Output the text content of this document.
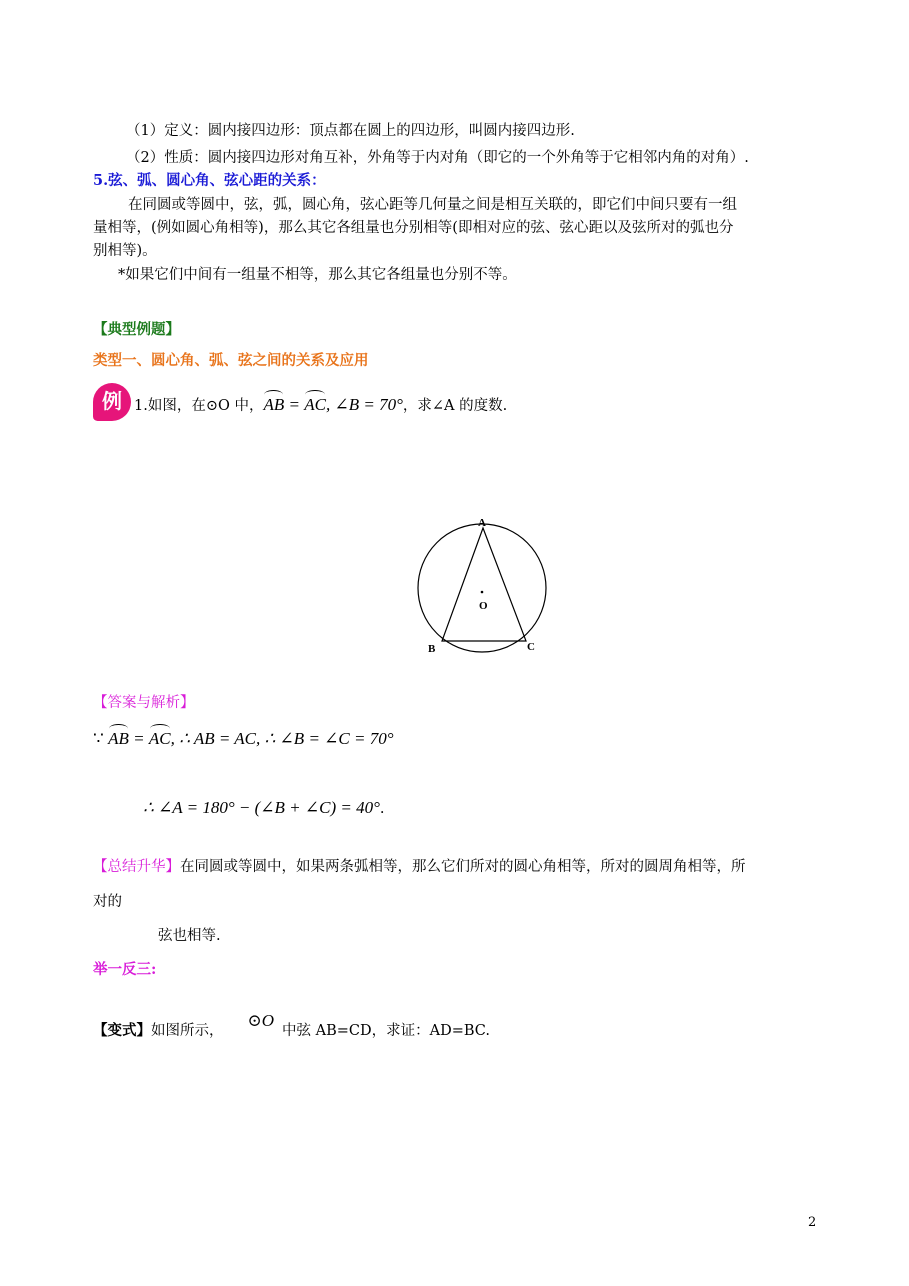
（1）定义：圆内接四边形：顶点都在圆上的四边形，叫圆内接四边形.
（2）性质：圆内接四边形对角互补，外角等于内对角（即它的一个外角等于它相邻内角的对角）.
5.弦、弧、圆心角、弦心距的关系：
在同圆或等圆中，弦，弧，圆心角，弦心距等几何量之间是相互关联的，即它们中间只要有一组
量相等，(例如圆心角相等)，那么其它各组量也分别相等(即相对应的弦、弦心距以及弦所对的弧也分
别相等)。
*如果它们中间有一组量不相等，那么其它各组量也分别不等。
【典型例题】
类型一、圆心角、弧、弦之间的关系及应用
例 1.如图，在⊙O 中，AB = AC, ∠B = 70°，求∠A 的度数.
A
B	C
O
【答案与解析】
∵ AB = AC, ∴ AB = AC, ∴ ∠B = ∠C = 70°
∴ ∠A = 180° − (∠B + ∠C) = 40°.
【总结升华】在同圆或等圆中，如果两条弧相等，那么它们所对的圆心角相等，所对的圆周角相等，所
对的
弦也相等.
举一反三:
【变式】如图所示，⊙O中弦 AB=CD，求证：AD=BC.
2
